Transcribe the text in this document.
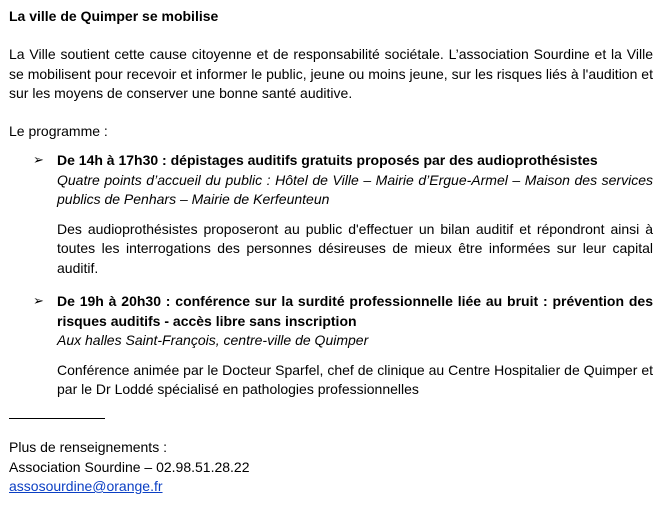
La ville de Quimper se mobilise

La Ville soutient cette cause citoyenne et de responsabilité sociétale. L’association Sourdine et la Ville se mobilisent pour recevoir et informer le public, jeune ou moins jeune, sur les risques liés à l'audition et sur les moyens de conserver une bonne santé auditive.

Le programme :
➢ De 14h à 17h30 : dépistages auditifs gratuits proposés par des audioprothésistes

Quatre points d’accueil du public : Hôtel de Ville – Mairie d’Ergue-Armel – Maison des services publics de Penhars – Mairie de Kerfeunteun

Des audioprothésistes proposeront au public d'effectuer un bilan auditif et répondront ainsi à toutes les interrogations des personnes désireuses de mieux être informées sur leur capital auditif.

➢ De 19h à 20h30 : conférence sur la surdité professionnelle liée au bruit : prévention des risques auditifs - accès libre sans inscription

Aux halles Saint-François, centre-ville de Quimper

Conférence animée par le Docteur Sparfel, chef de clinique au Centre Hospitalier de Quimper et par le Dr Loddé spécialisé en pathologies professionnelles

Plus de renseignements :
Association Sourdine – 02.98.51.28.22
assosourdine@orange.fr
